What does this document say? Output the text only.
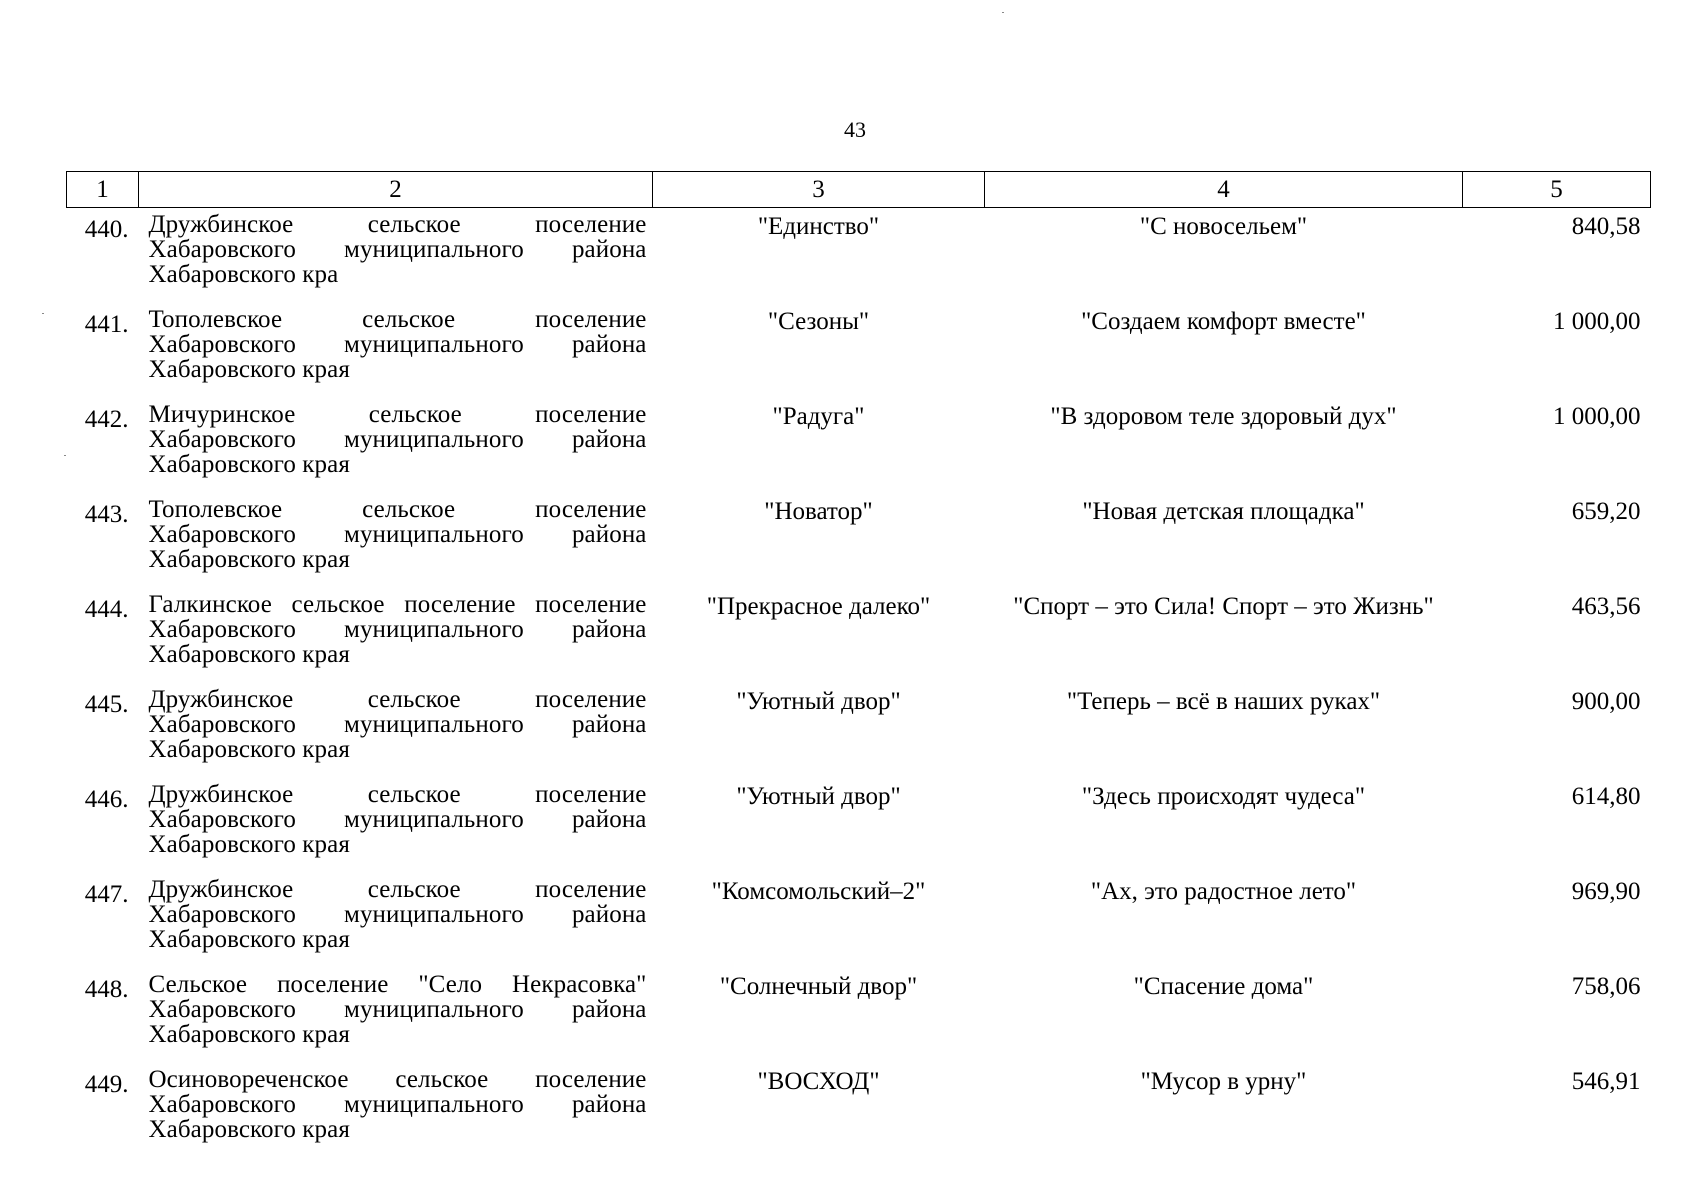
43
1	2	3	4	5
440.	Дружбинское сельское поселение Хабаровского муниципального района Хабаровского кра	"Единство"	"С новосельем"	840,58
441.	Тополевское сельское поселение Хабаровского муниципального района Хабаровского края	"Сезоны"	"Создаем комфорт вместе"	1 000,00
442.	Мичуринское сельское поселение Хабаровского муниципального района Хабаровского края	"Радуга"	"В здоровом теле здоровый дух"	1 000,00
443.	Тополевское сельское поселение Хабаровского муниципального района Хабаровского края	"Новатор"	"Новая детская площадка"	659,20
444.	Галкинское сельское поселение поселение Хабаровского муниципального района Хабаровского края	"Прекрасное далеко"	"Спорт – это Сила! Спорт – это Жизнь"	463,56
445.	Дружбинское сельское поселение Хабаровского муниципального района Хабаровского края	"Уютный двор"	"Теперь – всё в наших руках"	900,00
446.	Дружбинское сельское поселение Хабаровского муниципального района Хабаровского края	"Уютный двор"	"Здесь происходят чудеса"	614,80
447.	Дружбинское сельское поселение Хабаровского муниципального района Хабаровского края	"Комсомольский–2"	"Ах, это радостное лето"	969,90
448.	Сельское поселение "Село Некрасовка" Хабаровского муниципального района Хабаровского края	"Солнечный двор"	"Спасение дома"	758,06
449.	Осиновореченское сельское поселение Хабаровского муниципального района Хабаровского края	"ВОСХОД"	"Мусор в урну"	546,91
